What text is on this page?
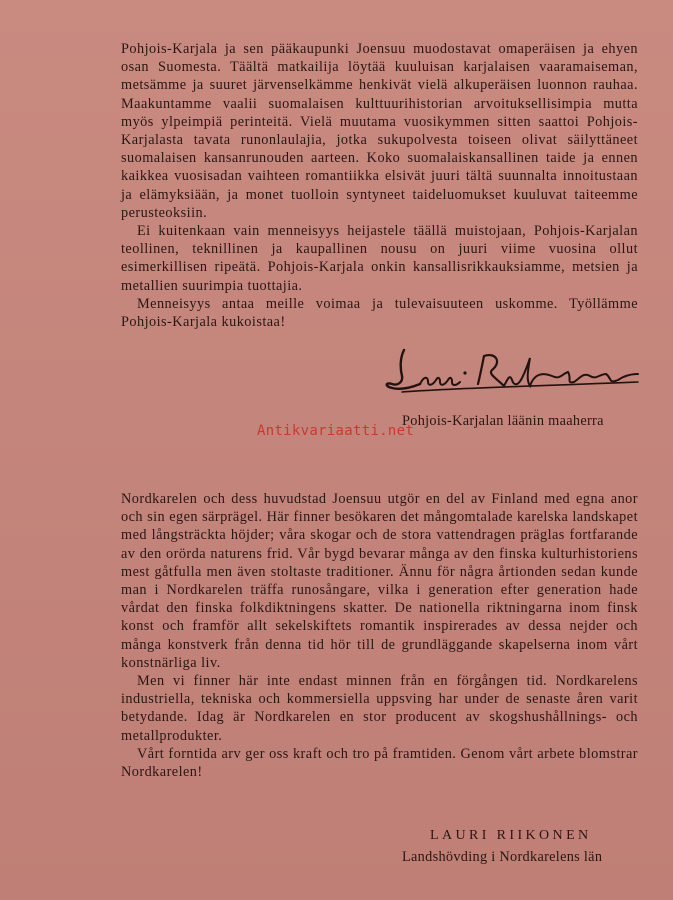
Pohjois-Karjala ja sen pääkaupunki Joensuu muodostavat omaperäisen ja ehyen osan Suomesta. Täältä matkailija löytää kuuluisan karjalaisen vaaramaiseman, metsämme ja suuret järvenselkämme henkivät vielä alkuperäisen luonnon rauhaa. Maakuntamme vaalii suomalaisen kulttuurihistorian arvoituksellisimpia mutta myös ylpeimpiä perinteitä. Vielä muutama vuosikymmen sitten saattoi Pohjois-Karjalasta tavata runonlaulajia, jotka sukupolvesta toiseen olivat säilyttäneet suomalaisen kansanrunouden aarteen. Koko suomalaiskansallinen taide ja ennen kaikkea vuosisadan vaihteen romantiikka elsivät juuri tältä suunnalta innoitustaan ja elämyksiään, ja monet tuolloin syntyneet taideluomukset kuuluvat taiteemme perusteoksiin.

Ei kuitenkaan vain menneisyys heijastele täällä muistojaan, Pohjois-Karjalan teollinen, teknillinen ja kaupallinen nousu on juuri viime vuosina ollut esimerkillisen ripeätä. Pohjois-Karjala onkin kansallisrikkauksiamme, metsien ja metallien suurimpia tuottajia.

Menneisyys antaa meille voimaa ja tulevaisuuteen uskomme. Työllämme Pohjois-Karjala kukoistaa!

Antikvariaatti.net
Pohjois-Karjalan läänin maaherra

Nordkarelen och dess huvudstad Joensuu utgör en del av Finland med egna anor och sin egen särprägel. Här finner besökaren det mångomtalade karelska landskapet med långsträckta höjder; våra skogar och de stora vattendragen präglas fortfarande av den orörda naturens frid. Vår bygd bevarar många av den finska kulturhistoriens mest gåtfulla men även stoltaste traditioner. Ännu för några årtionden sedan kunde man i Nordkarelen träffa runosångare, vilka i generation efter generation hade vårdat den finska folkdiktningens skatter. De nationella riktningarna inom finsk konst och framför allt sekelskiftets romantik inspirerades av dessa nejder och många konstverk från denna tid hör till de grundläggande skapelserna inom vårt konstnärliga liv.

Men vi finner här inte endast minnen från en förgången tid. Nordkarelens industriella, tekniska och kommersiella uppsving har under de senaste åren varit betydande. Idag är Nordkarelen en stor producent av skogshushållnings- och metallprodukter.

Vårt forntida arv ger oss kraft och tro på framtiden. Genom vårt arbete blomstrar Nordkarelen!

LAURI RIIKONEN
Landshövding i Nordkarelens län
